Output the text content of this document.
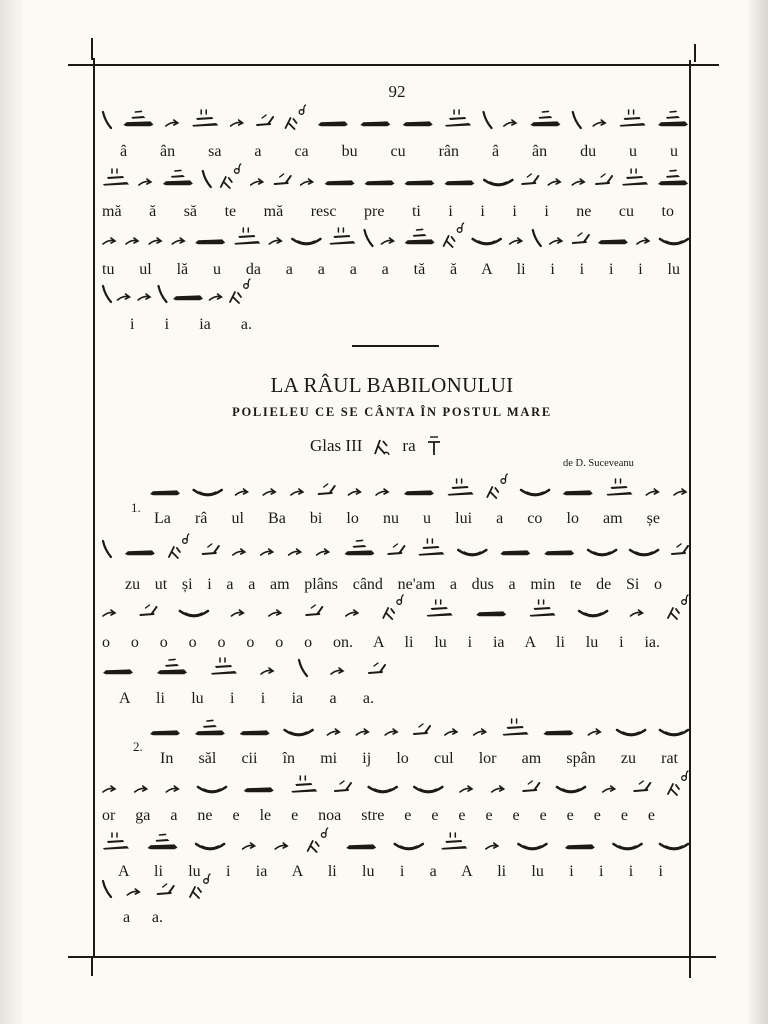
92
â ân sa a ca bu cu rân â ân du u u
mă ă să te mă resc pre ti i i i i ne cu to
tu ul lă u da a a a a tă ă A li i i i i lu
i i ia a.
LA RÂUL BABILONULUI
POLIELEU CE SE CÂNTA ÎN POSTUL MARE
Glas III ra
de D. Suceveanu
1.
La râ ul Ba bi lo nu u lui a co lo am șe
zu ut și i a a am plâns când ne'am a dus a min te de Si o
o o o o o o o o on. A li lu i ia A li lu i ia.
A li lu i i ia a a.
2.
In săl cii în mi ij lo cul lor am spân zu rat
or ga a ne e le e noa stre e e e e e e e e e e
A li lu i ia A li lu i a A li lu i i i i
a a.
